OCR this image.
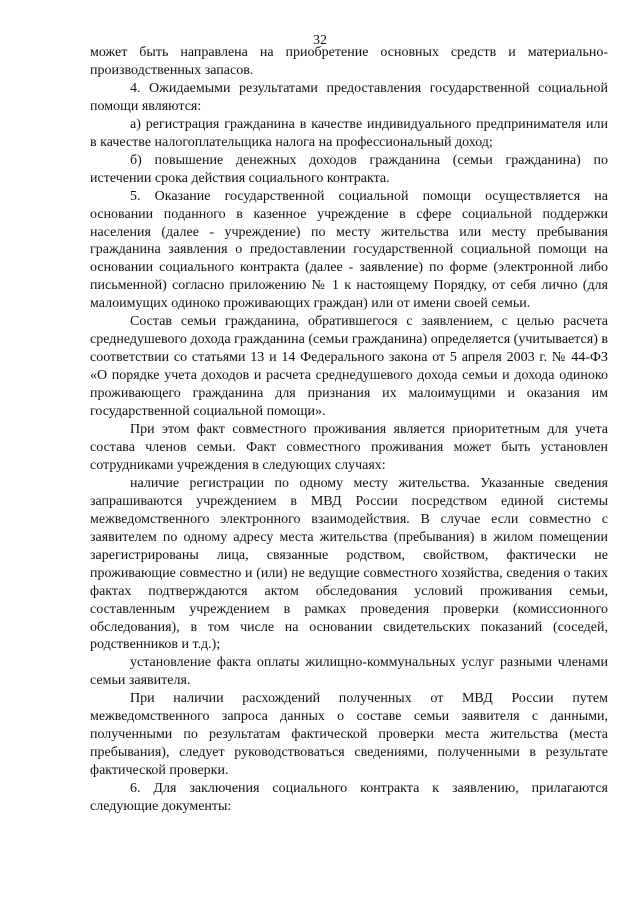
32

может быть направлена на приобретение основных средств и материально-производственных запасов.

4. Ожидаемыми результатами предоставления государственной социальной помощи являются:

а) регистрация гражданина в качестве индивидуального предпринимателя или в качестве налогоплательщика налога на профессиональный доход;

б) повышение денежных доходов гражданина (семьи гражданина) по истечении срока действия социального контракта.

5. Оказание государственной социальной помощи осуществляется на основании поданного в казенное учреждение в сфере социальной поддержки населения (далее - учреждение) по месту жительства или месту пребывания гражданина заявления о предоставлении государственной социальной помощи на основании социального контракта (далее - заявление) по форме (электронной либо письменной) согласно приложению № 1 к настоящему Порядку, от себя лично (для малоимущих одиноко проживающих граждан) или от имени своей семьи.

Состав семьи гражданина, обратившегося с заявлением, с целью расчета среднедушевого дохода гражданина (семьи гражданина) определяется (учитывается) в соответствии со статьями 13 и 14 Федерального закона от 5 апреля 2003 г. № 44-ФЗ «О порядке учета доходов и расчета среднедушевого дохода семьи и дохода одиноко проживающего гражданина для признания их малоимущими и оказания им государственной социальной помощи».

При этом факт совместного проживания является приоритетным для учета состава членов семьи. Факт совместного проживания может быть установлен сотрудниками учреждения в следующих случаях:

наличие регистрации по одному месту жительства. Указанные сведения запрашиваются учреждением в МВД России посредством единой системы межведомственного электронного взаимодействия. В случае если совместно с заявителем по одному адресу места жительства (пребывания) в жилом помещении зарегистрированы лица, связанные родством, свойством, фактически не проживающие совместно и (или) не ведущие совместного хозяйства, сведения о таких фактах подтверждаются актом обследования условий проживания семьи, составленным учреждением в рамках проведения проверки (комиссионного обследования), в том числе на основании свидетельских показаний (соседей, родственников и т.д.);

установление факта оплаты жилищно-коммунальных услуг разными членами семьи заявителя.

При наличии расхождений полученных от МВД России путем межведомственного запроса данных о составе семьи заявителя с данными, полученными по результатам фактической проверки места жительства (места пребывания), следует руководствоваться сведениями, полученными в результате фактической проверки.

6. Для заключения социального контракта к заявлению, прилагаются следующие документы:
